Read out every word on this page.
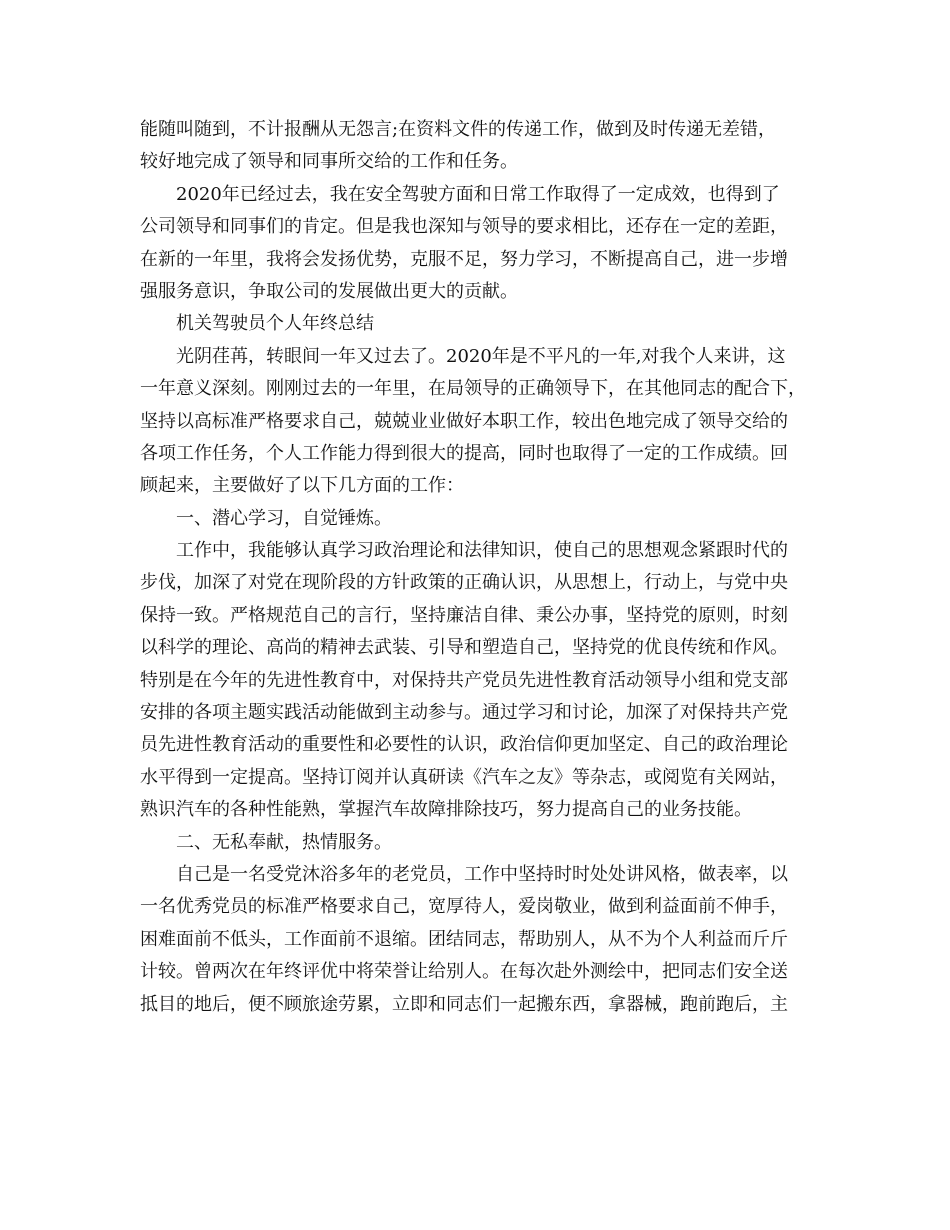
能随叫随到，不计报酬从无怨言;在资料文件的传递工作，做到及时传递无差错，
较好地完成了领导和同事所交给的工作和任务。
2020年已经过去，我在安全驾驶方面和日常工作取得了一定成效，也得到了
公司领导和同事们的肯定。但是我也深知与领导的要求相比，还存在一定的差距，
在新的一年里，我将会发扬优势，克服不足，努力学习，不断提高自己，进一步增
强服务意识，争取公司的发展做出更大的贡献。
机关驾驶员个人年终总结
光阴荏苒，转眼间一年又过去了。2020年是不平凡的一年,对我个人来讲，这
一年意义深刻。刚刚过去的一年里，在局领导的正确领导下，在其他同志的配合下，
坚持以高标准严格要求自己，兢兢业业做好本职工作，较出色地完成了领导交给的
各项工作任务，个人工作能力得到很大的提高，同时也取得了一定的工作成绩。回
顾起来，主要做好了以下几方面的工作：
一、潜心学习，自觉锤炼。
工作中，我能够认真学习政治理论和法律知识，使自己的思想观念紧跟时代的
步伐，加深了对党在现阶段的方针政策的正确认识，从思想上，行动上，与党中央
保持一致。严格规范自己的言行，坚持廉洁自律、秉公办事，坚持党的原则，时刻
以科学的理论、高尚的精神去武装、引导和塑造自己，坚持党的优良传统和作风。
特别是在今年的先进性教育中，对保持共产党员先进性教育活动领导小组和党支部
安排的各项主题实践活动能做到主动参与。通过学习和讨论，加深了对保持共产党
员先进性教育活动的重要性和必要性的认识，政治信仰更加坚定、自己的政治理论
水平得到一定提高。坚持订阅并认真研读《汽车之友》等杂志，或阅览有关网站，
熟识汽车的各种性能熟，掌握汽车故障排除技巧，努力提高自己的业务技能。
二、无私奉献，热情服务。
自己是一名受党沐浴多年的老党员，工作中坚持时时处处讲风格，做表率，以
一名优秀党员的标准严格要求自己，宽厚待人，爱岗敬业，做到利益面前不伸手，
困难面前不低头，工作面前不退缩。团结同志，帮助别人，从不为个人利益而斤斤
计较。曾两次在年终评优中将荣誉让给别人。在每次赴外测绘中，把同志们安全送
抵目的地后，便不顾旅途劳累，立即和同志们一起搬东西，拿器械，跑前跑后，主
